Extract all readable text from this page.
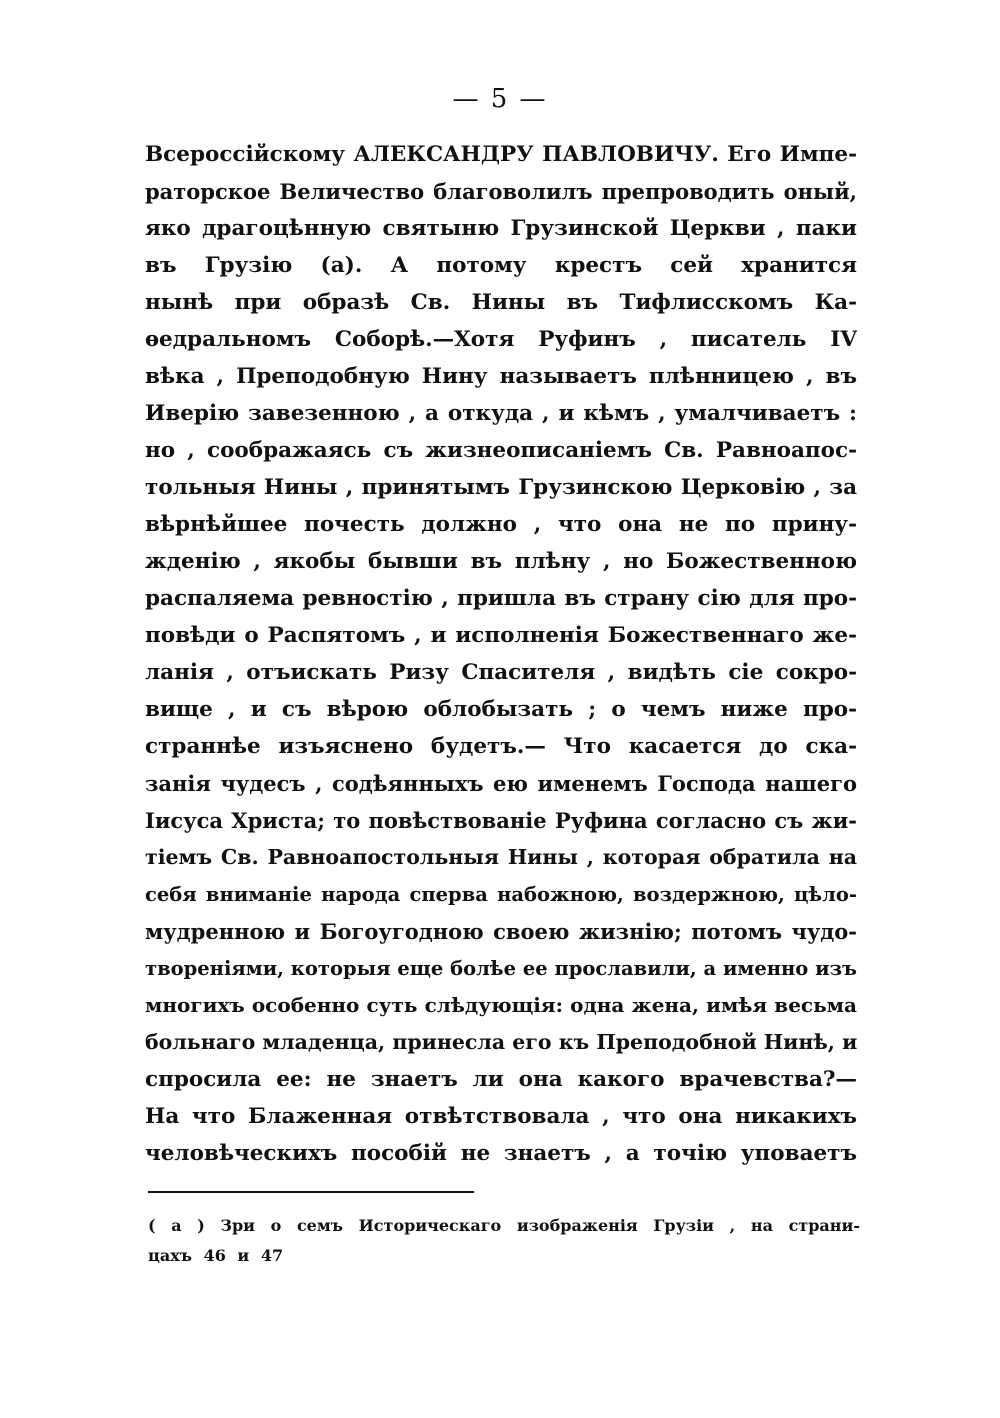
— 5 —
Всероссійскому АЛЕКСАНДРУ ПАВЛОВИЧУ. Его Импе-
раторское Величество благоволилъ препроводить оный,
яко драгоцѣнную святыню Грузинской Церкви , паки
въ Грузію (а). А потому крестъ сей хранится
нынѣ при образѣ Св. Нины въ Тифлисскомъ Ка-
ѳедральномъ Соборѣ.—Хотя Руфинъ , писатель IV
вѣка , Преподобную Нину называетъ плѣнницею , въ
Иверію завезенною , а откуда , и кѣмъ , умалчиваетъ :
но , соображаясь съ жизнеописаніемъ Св. Равноапос-
тольныя Нины , принятымъ Грузинскою Церковію , за
вѣрнѣйшее почесть должно , что она не по прину-
жденію , якобы бывши въ плѣну , но Божественною
распаляема ревностію , пришла въ страну сію для про-
повѣди о Распятомъ , и исполненія Божественнаго же-
ланія , отъискать Ризу Спасителя , видѣть сіе сокро-
вище , и съ вѣрою облобызать ; о чемъ ниже про-
страннѣе изъяснено будетъ.— Что касается до ска-
занія чудесъ , содѣянныхъ ею именемъ Господа нашего
Іисуса Христа; то повѣствованіе Руфина согласно съ жи-
тіемъ Св. Равноапостольныя Нины , которая обратила на
себя вниманіе народа сперва набожною, воздержною, цѣло-
мудренною и Богоугодною своею жизнію; потомъ чудо-
твореніями, которыя еще болѣе ее прославили, а именно изъ
многихъ особенно суть слѣдующія: одна жена, имѣя весьма
больнаго младенца, принесла его къ Преподобной Нинѣ, и
спросила ее: не знаетъ ли она какого врачевства?—
На что Блаженная отвѣтствовала , что она никакихъ
человѣческихъ пособій не знаетъ , а точію уповаетъ
( а ) Зри о семъ Историческаго изображенія Грузіи , на страни-
цахъ 46 и 47
